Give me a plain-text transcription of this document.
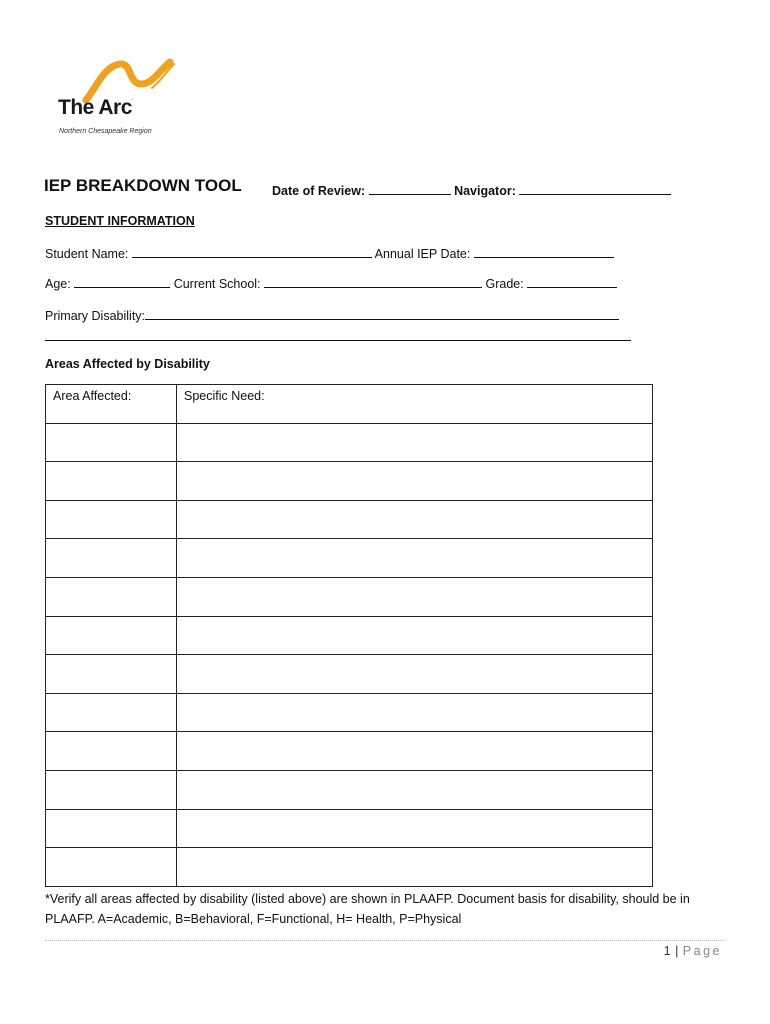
The Arc.
Northern Chesapeake Region
IEP BREAKDOWN TOOL Date of Review:	Navigator:
STUDENT INFORMATION
Student Name:	Annual IEP Date:
Age:	Current School:	Grade:
Primary Disability:
Areas Affected by Disability
Area Affected:	Specific Need:

*Verify all areas affected by disability (listed above) are shown in PLAAFP. Document basis for disability, should be in PLAAFP. A=Academic, B=Behavioral, F=Functional, H= Health, P=Physical
1 | Page
